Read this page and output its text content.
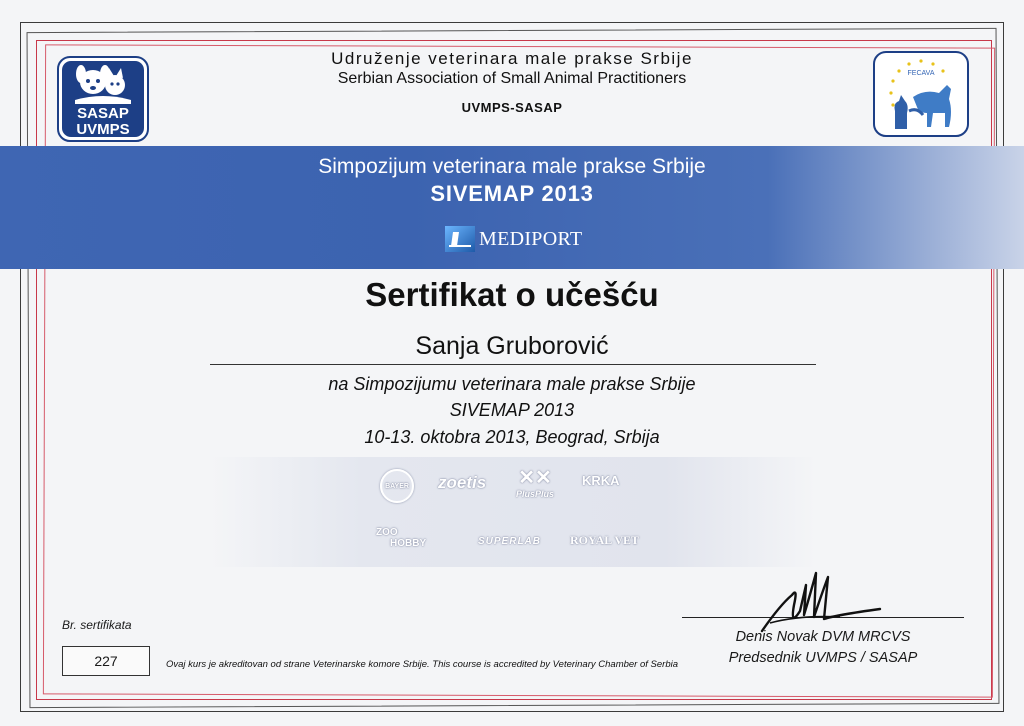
SASAP
UVMPS
Udruženje veterinara male prakse Srbije
Serbian Association of Small Animal Practitioners
UVMPS-SASAP
FECAVA
Simpozijum veterinara male prakse Srbije
SIVEMAP 2013
MEDIPORT
Sertifikat o učešću
Sanja Gruborović
na Simpozijumu veterinara male prakse Srbije
SIVEMAP 2013
10-13. oktobra 2013, Beograd, Srbija
BAYER zoetis	✕✕
PlusPlus
KRKA
ZOO
HOBBY	SUPERLAB ROYAL VET
Br. sertifikata
227	Ovaj kurs je akreditovan od strane Veterinarske komore Srbije. This course is accredited by Veterinary Chamber of Serbia
Denis Novak DVM MRCVS
Predsednik UVMPS / SASAP
